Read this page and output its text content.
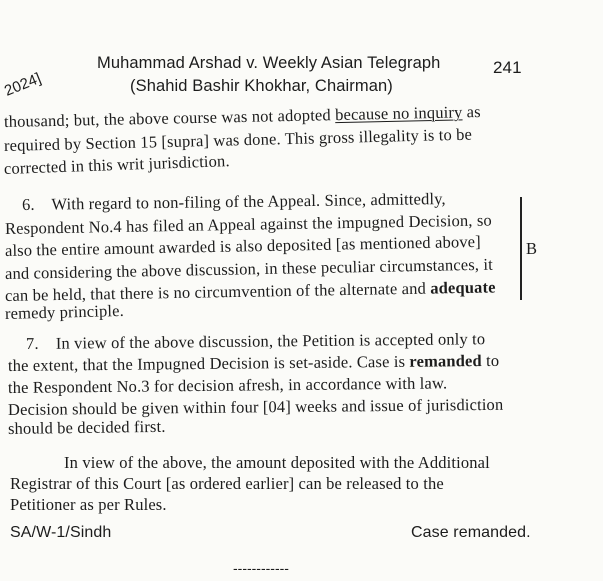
Muhammad Arshad v. Weekly Asian Telegraph
(Shahid Bashir Khokhar, Chairman)
241
2024]
thousand; but, the above course was not adopted because no inquiry as
required by Section 15 [supra] was done. This gross illegality is to be
corrected in this writ jurisdiction.
6.    With regard to non-filing of the Appeal. Since, admittedly,
Respondent No.4 has filed an Appeal against the impugned Decision, so
also the entire amount awarded is also deposited [as mentioned above]
and considering the above discussion, in these peculiar circumstances, it
can be held, that there is no circumvention of the alternate and adequate
remedy principle.
B
7.    In view of the above discussion, the Petition is accepted only to
the extent, that the Impugned Decision is set-aside. Case is remanded to
the Respondent No.3 for decision afresh, in accordance with law.
Decision should be given within four [04] weeks and issue of jurisdiction
should be decided first.
In view of the above, the amount deposited with the Additional
Registrar of this Court [as ordered earlier] can be released to the
Petitioner as per Rules.
SA/W-1/Sindh	Case remanded.
------------
